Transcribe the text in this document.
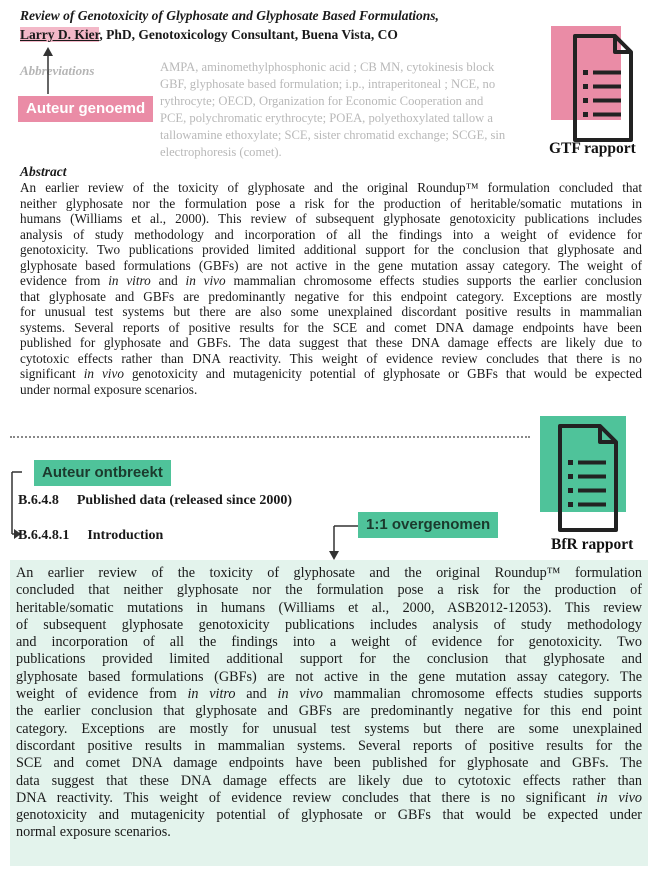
Review of Genotoxicity of Glyphosate and Glyphosate Based Formulations,
Larry D. Kier, PhD, Genotoxicology Consultant, Buena Vista, CO
Abbreviations	AMPA, aminomethylphosphonic acid ; CB MN, cytokinesis block
GBF, glyphosate based formulation; i.p., intraperitoneal ; NCE, no
rythrocyte; OECD, Organization for Economic Cooperation and
PCE, polychromatic erythrocyte; POEA, polyethoxylated tallow a
tallowamine ethoxylate; SCE, sister chromatid exchange; SCGE, sin
electrophoresis (comet).
Auteur genoemd
GTF rapport
Abstract
An earlier review of the toxicity of glyphosate and the original Roundup™ formulation concluded that
neither glyphosate nor the formulation pose a risk for the production of heritable/somatic mutations in
humans (Williams et al., 2000). This review of subsequent glyphosate genotoxicity publications includes
analysis of study methodology and incorporation of all the findings into a weight of evidence for
genotoxicity. Two publications provided limited additional support for the conclusion that glyphosate and
glyphosate based formulations (GBFs) are not active in the gene mutation assay category. The weight of
evidence from in vitro and in vivo mammalian chromosome effects studies supports the earlier conclusion
that glyphosate and GBFs are predominantly negative for this endpoint category. Exceptions are mostly
for unusual test systems but there are also some unexplained discordant positive results in mammalian
systems. Several reports of positive results for the SCE and comet DNA damage endpoints have been
published for glyphosate and GBFs. The data suggest that these DNA damage effects are likely due to
cytotoxic effects rather than DNA reactivity. This weight of evidence review concludes that there is no
significant in vivo genotoxicity and mutagenicity potential of glyphosate or GBFs that would be expected
under normal exposure scenarios.
Auteur ontbreekt
B.6.4.8 Published data (released since 2000)
B.6.4.8.1 Introduction
1:1 overgenomen
BfR rapport
An earlier review of the toxicity of glyphosate and the original Roundup™ formulation
concluded that neither glyphosate nor the formulation pose a risk for the production of
heritable/somatic mutations in humans (Williams et al., 2000, ASB2012-12053). This review
of subsequent glyphosate genotoxicity publications includes analysis of study methodology
and incorporation of all the findings into a weight of evidence for genotoxicity. Two
publications provided limited additional support for the conclusion that glyphosate and
glyphosate based formulations (GBFs) are not active in the gene mutation assay category. The
weight of evidence from in vitro and in vivo mammalian chromosome effects studies supports
the earlier conclusion that glyphosate and GBFs are predominantly negative for this end point
category. Exceptions are mostly for unusual test systems but there are some unexplained
discordant positive results in mammalian systems. Several reports of positive results for the
SCE and comet DNA damage endpoints have been published for glyphosate and GBFs. The
data suggest that these DNA damage effects are likely due to cytotoxic effects rather than
DNA reactivity. This weight of evidence review concludes that there is no significant in vivo
genotoxicity and mutagenicity potential of glyphosate or GBFs that would be expected under
normal exposure scenarios.
